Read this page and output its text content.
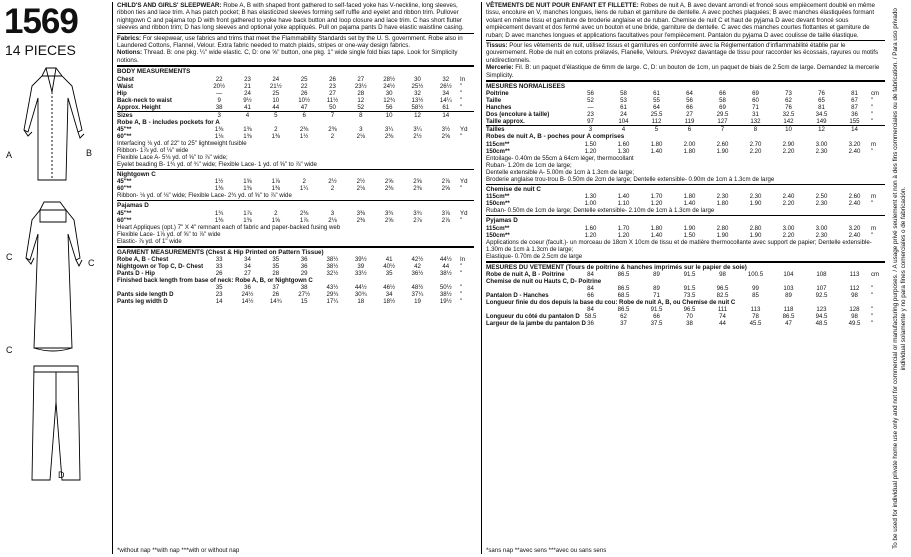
1569
14 PIECES
A	B
C
C
C
D
CHILD'S AND GIRLS' SLEEPWEAR: Robe A, B with shaped front gathered to self-faced yoke has V-neckline, long sleeves, ribbon ties and lace trim. A has patch pocket; B has elasticized sleeves forming self ruffle and eyelet and ribbon trim. Pullover nightgown C and pajama top D with front gathered to yoke have back button and loop closure and lace trim. C has short flutter sleeves and ribbon trim; D has long sleeves and optional yoke appliqués. Pull on pajama pants D have elastic waistline casing.
Fabrics: For sleepwear, use fabrics and trims that meet the Flammability Standards set by the U. S. government. Robe also in Laundered Cottons, Flannel, Velour. Extra fabric needed to match plaids, stripes or one-way design fabrics.
Notions: Thread. B: one pkg. ¼" wide elastic. C, D: one ⅝" button, one pkg. 1" wide single fold bias tape. Look for Simplicity notions.
BODY MEASUREMENTS
Chest	22	23	24	25	26	27	28½	30	32	In
Waist	20½	21	21½	22	23	23½	24½	25½	26½	"
Hip	—	24	25	26	27	28	30	32	34	"
Back-neck to waist	9	9½	10	10½	11½	12	12¾	13½	14¼	"
Approx. Height	38	41	44	47	50	52	56	58½	61	"
Sizes	3	4	5	6	7	8	10	12	14	
Robe A, B - includes pockets for A
45"**	1⅜	1⅜	2	2⅜	2⅜	3	3¼	3¼	3½	Yd
60"**	1⅛	1⅜	1⅜	1½	2	2⅛	2⅜	2½	2⅝	"
Interfacing ⅛ yd. of 22" to 25" lightweight fusible
Ribbon- 1⅞ yd. of ⅛" wide
Flexible Lace A- 5⅛ yd. of ⅝" to ⅞" wide;
Eyelet beading B- 1¾ yd. of ¾" wide; Flexible Lace- 1 yd. of ⅝" to ⅞" wide
Nightgown C
45"**	1½	1⅝	1⅞	2	2½	2½	2⅝	2⅝	2⅞	Yd
60"**	1⅜	1⅜	1⅜	1¼	2	2⅛	2⅜	2⅜	2⅝	"
Ribbon- ⅛ yd. of ⅛" wide; Flexible Lace- 2¾ yd. of ⅝" to ⅞" wide
Pajamas D
45"**	1¾	1⅞	2	2⅜	3	3⅜	3¾	3¾	3⅞	Yd
60"**	1⅜	1⅜	1⅝	1⅞	2⅛	2⅜	2⅝	2⅞	2⅞	"
Heart Appliques (opt.) 7" X 4" remnant each of fabric and paper-backed fusing web
Flexible Lace- 1⅞ yd. of ⅝" to ⅞" wide
Elastic- ⅞ yd. of 1" wide
GARMENT MEASUREMENTS (Chest & Hip Printed on Pattern Tissue)
Robe A, B - Chest	33	34	35	36	38½	39½	41	42½	44½	In
Nightgown or Top C, D- Chest	33	34	35	36	38½	39	40½	42	44	"
Pants D - Hip	26	27	28	29	32½	33½	35	36½	38½	"
Finished back length from base of neck: Robe A, B, or Nightgown C										
	35	36	37	38	43½	44½	46½	48½	50½	"
Pants side length D	23	24½	26	27½	29¾	30¾	34	37¼	38½	"
Pants leg width D	14	14½	14¾	15	17¼	18	18½	19	19½	"
*without nap **with nap ***with or without nap
VÊTEMENTS DE NUIT POUR ENFANT ET FILLETTE: Robes de nuit A, B avec devant arrondi et froncé sous empiècement doublé en même tissu, encolure en V, manches longues, liens de ruban et garniture de dentelle. A avec poches plaquées; B avec manches élastiquées formant volant en même tissu et garniture de broderie anglaise et de ruban. Chemise de nuit C et haut de pyjama D avec devant froncé sous empiècement devant et dos fermé avec un bouton et une bride, garniture de dentelle. C avec des manches courtes flottantes et garniture de ruban; D avec manches longues et applications facultatives pour l'empiècement. Pantalon du pyjama D avec coulisse de taille élastique.
Tissus: Pour les vêtements de nuit, utilisez tissus et garnitures en conformité avec la Réglementation d'inflammabilité établie par le gouvernement. Robe de nuit en cotons prélavés, Flanelle, Velours. Prévoyez davantage de tissu pour raccorder les écossais, rayures ou motifs unidirectionnels.
Mercerie: Fil. B: un paquet d'élastique de 6mm de large. C, D: un bouton de 1cm, un paquet de biais de 2.5cm de large. Demandez la mercerie Simplicity.
MESURES NORMALISEES
Poitrine	56	58	61	64	66	69	73	76	81	cm
Taille	52	53	55	56	58	60	62	65	67	"
Hanches	—	61	64	66	69	71	76	81	87	"
Dos (encolure à taille)	23	24	25.5	27	29.5	31	32.5	34.5	36	"
Taille approx.	97	104	112	119	127	132	142	149	155	"
Tailles	3	4	5	6	7	8	10	12	14	
Robes de nuit A, B - poches pour A comprises
115cm**	1.50	1.60	1.80	2.00	2.60	2.70	2.90	3.00	3.20	m
150cm**	1.20	1.30	1.40	1.80	1.90	2.20	2.20	2.30	2.40	"
Entoilage- 0.40m de 55cm à 64cm léger, thermocollant
Ruban- 1.20m de 1cm de large;
Dentelle extensible A- 5.00m de 1cm à 1.3cm de large;
Broderie anglaise trou-trou B- 0.50m de 2cm de large; Dentelle extensible- 0.90m de 1cm à 1.3cm de large
Chemise de nuit C
115cm**	1.30	1.40	1.70	1.80	2.30	2.30	2.40	2.50	2.60	m
150cm**	1.00	1.10	1.20	1.40	1.80	1.90	2.20	2.30	2.40	"
Ruban- 0.50m de 1cm de large; Dentelle extensible- 2.10m de 1cm à 1.3cm de large
Pyjamas D
115cm**	1.60	1.70	1.80	1.90	2.80	2.80	3.00	3.00	3.20	m
150cm**	1.20	1.20	1.40	1.50	1.90	1.90	2.20	2.30	2.40	"
Applications de coeur (facult.)- un morceau de 18cm X 10cm de tissu et de matière thermocollante avec support de papier; Dentelle extensible- 1.30m de 1cm à 1.3cm de large;
Elastique- 0.70m de 2.5cm de large
MESURES DU VETEMENT (Tours de poitrine & hanches imprimés sur le papier de soie)
Robe de nuit A, B - Poitrine	84	86.5	89	91.5	98	100.5	104	108	113	cm
Chemise de nuit ou Hauts C, D- Poitrine										
	84	86.5	89	91.5	96.5	99	103	107	112	"
Pantalon D - Hanches	66	68.5	71	73.5	82.5	85	89	92.5	98	"
Longueur finie du dos depuis la base du cou: Robe de nuit A, B, ou Chemise de nuit C										
	84	86.5	91.5	96.5	111	113	118	123	128	"
Longueur du côté du pantalon D	58.5	62	66	70	74	78	86.5	94.5	98	"
Largeur de la jambe du pantalon D	36	37	37.5	38	44	45.5	47	48.5	49.5	"
*sans nap **avec sens ***avec ou sans sens
To be used for individual private home use only and not for commercial or manufacturing purposes. / A usage privé seulement et non à des fins commerciales ou de fabrication. / Para uso privado individual solamente y no para fines comerciales o de fabricación.
